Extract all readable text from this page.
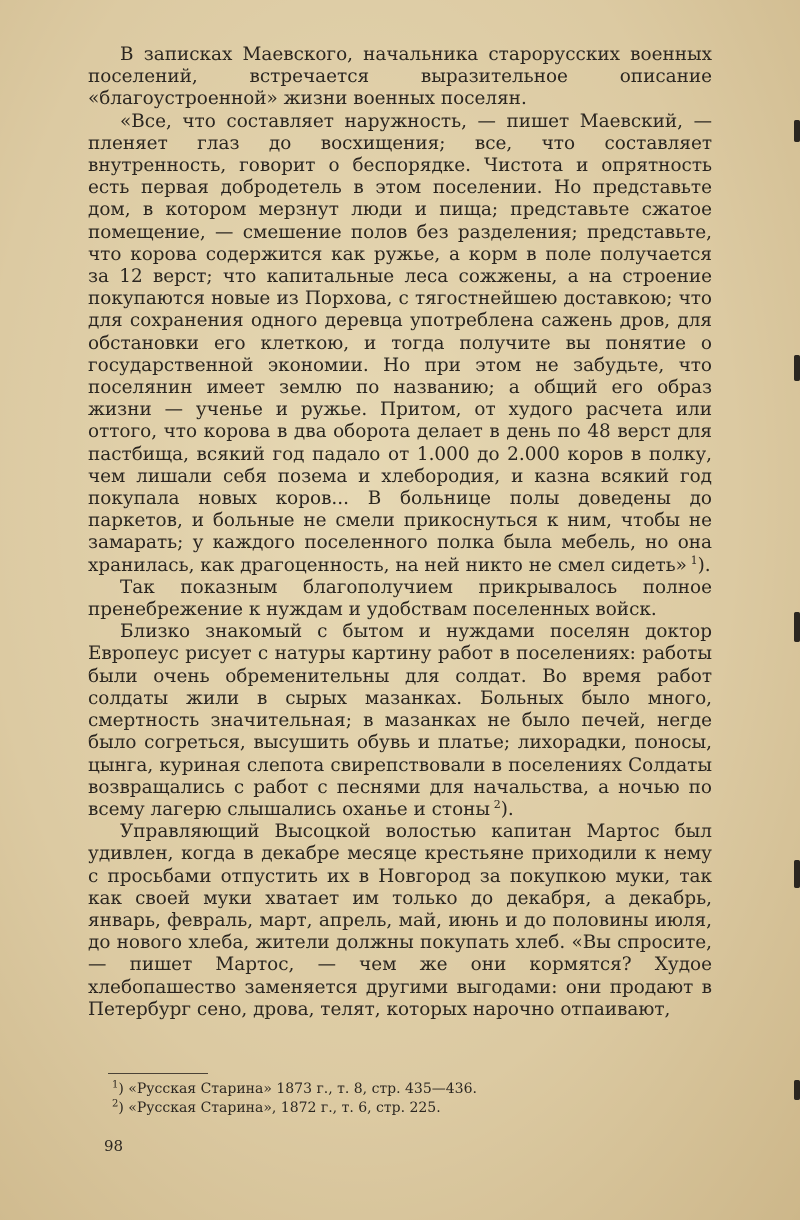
В записках Маевского, начальника старорусских военных поселений, встречается выразительное описание «благоустроенной» жизни военных поселян.

«Все, что составляет наружность, — пишет Маевский, — пленяет глаз до восхищения; все, что составляет внутренность, говорит о беспорядке. Чистота и опрятность есть первая добродетель в этом поселении. Но представьте дом, в котором мерзнут люди и пища; представьте сжатое помещение, — смешение полов без разделения; представьте, что корова содержится как ружье, а корм в поле получается за 12 верст; что капитальные леса сожжены, а на строение покупаются новые из Порхова, с тягостнейшею доставкою; что для сохранения одного деревца употреблена сажень дров, для обстановки его клеткою, и тогда получите вы понятие о государственной экономии. Но при этом не забудьте, что поселянин имеет землю по названию; а общий его образ жизни — ученье и ружье. Притом, от худого расчета или оттого, что корова в два оборота делает в день по 48 верст для пастбища, всякий год падало от 1.000 до 2.000 коров в полку, чем лишали себя позема и хлебородия, и казна всякий год покупала новых коров... В больнице полы доведены до паркетов, и больные не смели прикоснуться к ним, чтобы не замарать; у каждого поселенного полка была мебель, но она хранилась, как драгоценность, на ней никто не смел сидеть»  $^1$).

Так показным благополучием прикрывалось полное пренебрежение к нуждам и удобствам поселенных войск.

Близко знакомый с бытом и нуждами поселян доктор Европеус рисует с натуры картину работ в поселениях: работы были очень обременительны для солдат. Во время работ солдаты жили в сырых мазанках. Больных было много, смертность значительная; в мазанках не было печей, негде было согреться, высушить обувь и платье; лихорадки, поносы, цынга, куриная слепота свирепствовали в поселениях Солдаты возвращались с работ с песнями для начальства, а ночью по всему лагерю слышались оханье и стоны  $^2$).

Управляющий Высоцкой волостью капитан Мартос был удивлен, когда в декабре месяце крестьяне приходили к нему с просьбами отпустить их в Новгород за покупкою муки, так как своей муки хватает им только до декабря, а декабрь, январь, февраль, март, апрель, май, июнь и до половины июля, до нового хлеба, жители должны покупать хлеб. «Вы спросите, — пишет Мартос, — чем же они кормятся? Худое хлебопашество заменяется другими выгодами: они продают в Петербург сено, дрова, телят, которых нарочно отпаивают,

$^1$) «Русская Старина» 1873 г., т. 8, стр. 435—436.

$^2$) «Русская Старина», 1872 г., т. 6, стр. 225.

98
